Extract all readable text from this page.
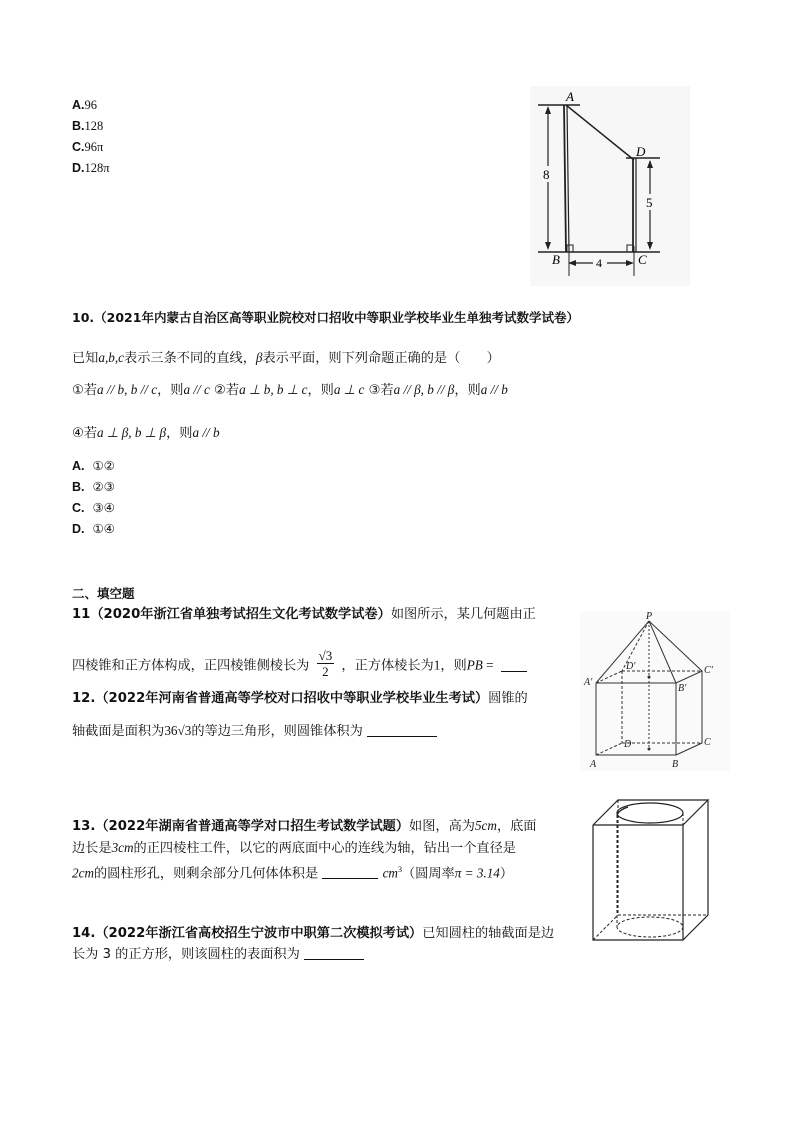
A.96
B.128
C.96π
D.128π	8
5
4
A
D
B	C
10.（2021年内蒙古自治区高等职业院校对口招收中等职业学校毕业生单独考试数学试卷）
已知a,b,c表示三条不同的直线，β表示平面，则下列命题正确的是（　　）
①若a // b, b // c，则a // c ②若a ⊥ b, b ⊥ c，则a ⊥ c ③若a // β, b // β，则a // b
④若a ⊥ β, b ⊥ β，则a // b
A. ①②
B. ②③
C. ③④
D. ①④
二、填空题
11（2020年浙江省单独考试招生文化考试数学试卷）如图所示，某几何题由正
四棱锥和正方体构成，正四棱锥侧棱长为 $\frac{√3}{2}$ ，正方体棱长为1，则PB =
12.（2022年河南省普通高等学校对口招收中等职业学校毕业生考试）圆锥的
轴截面是面积为36√3的等边三角形，则圆锥体积为
P
A'
B'
C'
D'
A	B
C
D
13.（2022年湖南省普通高等学对口招生考试数学试题）如图，高为5cm，底面
边长是3cm的正四棱柱工件，以它的两底面中心的连线为轴，钻出一个直径是
2cm的圆柱形孔，则剩余部分几何体体积是	$cm^3$（圆周率π = 3.14）
14.（2022年浙江省高校招生宁波市中职第二次模拟考试）已知圆柱的轴截面是边
长为 3 的正方形，则该圆柱的表面积为
